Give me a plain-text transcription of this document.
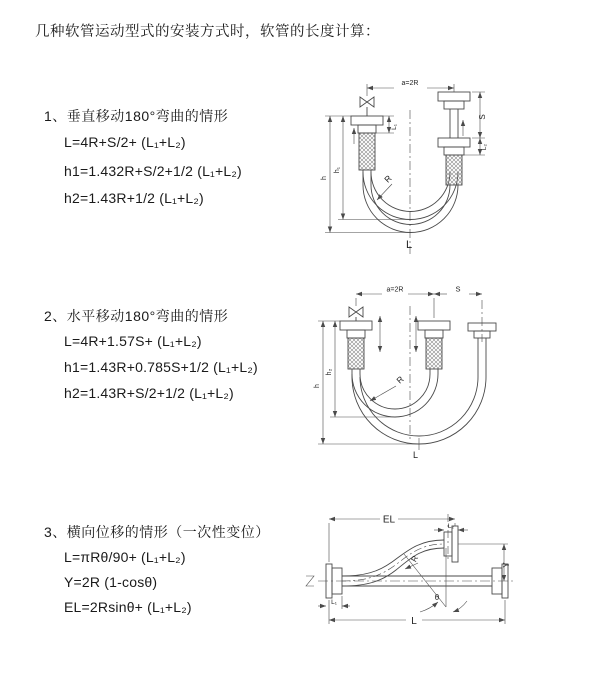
几种软管运动型式的安装方式时，软管的长度计算：
1、垂直移动180°弯曲的情形
L=4R+S/2+ (L₁+L₂)
h1=1.432R+S/2+1/2 (L₁+L₂)
h2=1.43R+1/2 (L₁+L₂)
2、水平移动180°弯曲的情形
L=4R+1.57S+ (L₁+L₂)
h1=1.43R+0.785S+1/2 (L₁+L₂)
h2=1.43R+S/2+1/2 (L₁+L₂)
3、横向位移的情形（一次性变位）
L=πRθ/90+ (L₁+L₂)
Y=2R (1-cosθ)
EL=2Rsinθ+ (L₁+L₂)
a=2R
L₁
S
L₂
h₁
h	R
L
a=2R	S
h₂
h
R
L
EL
L₂
Y
R
θ
L
L₁
